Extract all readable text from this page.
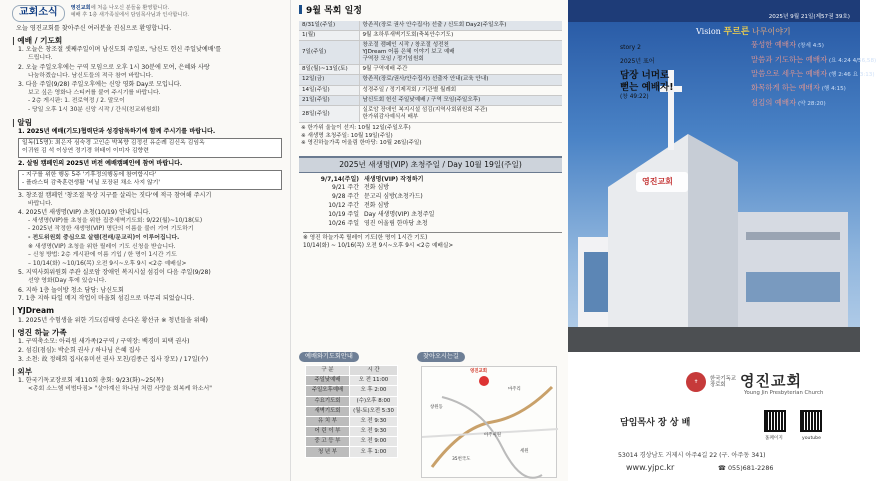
교회소식	영진교회에 처음 나오신 분들을 환영합니다.
예배 후 1층 새가족실에서 담임목사님과 인사합니다.
오늘 영진교회를 찾아주신 여러분을 진심으로 환영합니다.
| 예배 / 기도회

1. 오늘은 창조절 셋째주일이며 남신도회 주일로, '남신도 헌신 주일낮예배'를

드립니다.

2. 오늘 주일오후에는 구역 모임으로 오후 1시 30분에 모여, 은혜와 사랑

나눔하겠습니다. 남신도들의 적극 참여 바랍니다.

3. 다음 주일(9/28) 주일오후에는 신앙 영화 Day로 모입니다.

보고 싶은 영화나 스티커를 붙여 주시기를 바랍니다.

- 2층 게시판: 1. 전로역정 / 2. 말모이

- 당일 오후 1시 30분 신앙 시작 / 간식(친교위원회)

| 알림

1. 2025년 예배(기도)협력단과 성경암독하기에 함께 주시기를 바랍니다.

일독(15명): 최은자 심숙경 고인순 박복향 김정선 유순례 김신옥 김임옥
이귀원 김 석 이상연 정기경 허태이 이미자 김향련

2. 살림 캠페인의 2025년 버전 예배캠페인에 참여 바랍니다.

- 지구를 위한 행동 5주 '기후정의행동에 참여합시다'
- 플라스틱 감축훈련생활 '비닐 포장된 채소 사지 않기'

3. 창조절 캠페인 '창조절 묵상 지구를 살리는 짓다'에 적극 참여해 주시기

바랍니다.

4. 2025년 새생명(VIP) 초청(10/19) 안내입니다.

- 새생명(VIP)를 초청을 위한 집중새벽기도회: 9/22(월)~10/18(토)

- 2025년 작정한 새생명(VIP) 명단의 이름을 불러 기여 기도하기

- 전도위원회 중심으로 살렘(전래/문교리)이 이루어집니다.

※ 새생명(VIP) 초청을 위한 릴레이 기도 신청을 받습니다.

– 신청 방법: 2층 게시판에 이름 기입 / 한 명이 1시간 기도

– 10/14(화) ~10/16(목) 오전 9시~오후 9시 <2층 예배실>

5. 지역사회위원회 주관 실로암 장애인 복지시설 섬김이 다음 주일(9/28)

선양 영화(Day 후에 있습니다.

6. 지하 1층 놀이방 청소 담당: 남신도회

7. 1층 지하 타일 메지 작업이 마을회 섬김으로 마무리 되었습니다.

| YJDream

1. 2025년 수험생을 위한 기도(김태영 손다온 황선규 ※ 청년들을 위해)

| 영진 하늘 가족

1. 구역축소모: 아리원 새가족(2구역 / 구역장: 백경미 피택 권사)

2. 섬김(점심): 박순희 권사 / 하나님 은혜 집사

3. 소천: 故 정해희 집사(유미선 권사 모친/김종근 집사 장모) / 17일(수)

| 외부

1. 한국기독교장로회 제110회 총회: 9/23(화)~25(목)

<총회 소느헴 비범다짐> "살아계신 하나님 처럼 사랑을 회복케 하소서"

9월 목회 일정
8/31일(주일)	항존직(장로 권사 안수집사) 선출 / 신도회 Day2(주일오후)
1(월)	9월 초하루새벽기도회(축복안수기도)
7일(주일)	창조절 캠페인 시작 / 창조절 성전천
YJDream 어름 은혜 이야기 보고 예배
구역장 모임 / 정기임원회
8일(월)~13일(토)	9월 구역예배 주간
12일(금)	항존직(장로/권사/안수집사) 선출자 안내(교육 안내)
14일(주일)	성경주일 / 정기제직회 / 기관별 월례회
21일(주일)	남신도회 헌신 주일낮예배 / 구역 모임(주일오후)
28일(주일)	실로암 장애인 복지시설 섬김(지역사회위원회 주관)
한가위감사예식서 배부
※ 한가위 울늘이 선지: 10월 12일(주일오후)
※ 새생명 초청주일: 10월 19일(주일)
※ 영진하늘가족 어울림 한마당: 10월 26일(주일)
2025년 새생명(VIP) 초청주일 / Day 10월 19일(주일)
9/7,14(주일) 새생명(VIP) 작정하기
9/21 주간 전화 심방
9/28 주간 문고리 심방(초청카드)
10/12 주간 전화 심방
10/19 주일 Day 새생명(VIP) 초청주일
10/26 주일 영진 어울림 한마당 초청
※ 영진 하늘가족 릴레이 기도(한 명이 1시간 기도)
10/14(화) ~ 10/16(목) 오전 9시~오후 9시 <2층 예배실>
예배와기도회안내
구 분	시 간
주일낮예배	오 전 11:00
주일오후예배	오 후 2:00
수요기도회	(수)오후 8:00
새벽기도회	(월-토)오전 5:30
유 치 부	오 전 9:30
어 린 이 부	오 전 9:30
중 고 등 부	오 전 9:00
청 년 부	오 후 1:00
찾아오시는길
영진교회
마주리
창원동
세원
35번국도
아주미원
2025년 9월 21일(제57권 39호)
영진교회
Vision 푸르른 나무이야기
story 2
2025년 표어
담장 너머로
뻗는 예배자!
(창 49:22)
풍성한 예배자 (창세 4:5)
말씀과 기도하는 예배자 (요 4:24 4/56,58)
말씀으로 세우는 예배자 (행 2:46 요 3:13)
화목하게 하는 예배자 (행 4:15)
섬김의 예배자 (약 28:20)
✝	한국기독교
장로회 영진교회
Young Jin Presbyterian Church
담임목사 장 상 배
홈페이지	youtube
53014 경상남도 거제시 아주4길 22 (구. 아주동 341)
www.yjpc.kr	☎ 055)681-2286
